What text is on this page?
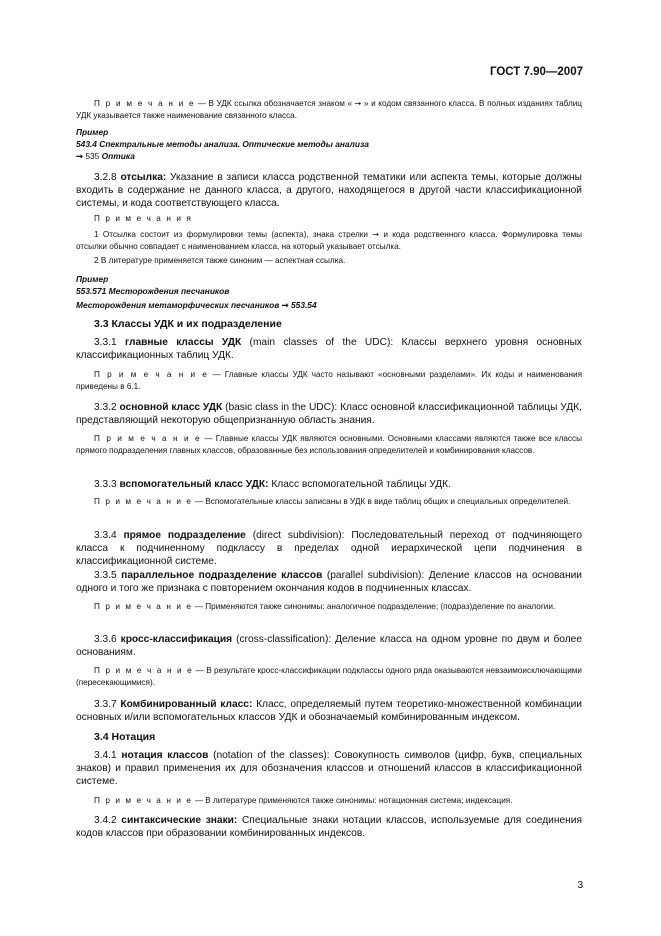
ГОСТ 7.90—2007

П р и м е ч а н и е — В УДК ссылка обозначается знаком « ➞ » и кодом связанного класса. В полных изданиях таблиц УДК указывается также наименование связанного класса.

Пример
543.4 Спектральные методы анализа. Оптические методы анализа
➞ 535 Оптика

3.2.8 отсылка: Указание в записи класса родственной тематики или аспекта темы, которые должны входить в содержание не данного класса, а другого, находящегося в другой части классификационной системы, и кода соответствующего класса.

П р и м е ч а н и я

1 Отсылка состоит из формулировки темы (аспекта), знака стрелки ➞ и кода родственного класса. Формулировка темы отсылки обычно совпадает с наименованием класса, на который указывает отсылка.

2 В литературе применяется также синоним — аспектная ссылка.

Пример
553.571 Месторождения песчаников
Месторождения метаморфических песчаников ➞ 553.54
3.3 Классы УДК и их подразделение

3.3.1 главные классы УДК (main classes of the UDC): Классы верхнего уровня основных классификационных таблиц УДК.

П р и м е ч а н и е — Главные классы УДК часто называют «основными разделами». Их коды и наименования приведены в 6.1.

3.3.2 основной класс УДК (basic class in the UDC): Класс основной классификационной таблицы УДК, представляющий некоторую общепризнанную область знания.

П р и м е ч а н и е — Главные классы УДК являются основными. Основными классами являются также все классы прямого подразделения главных классов, образованные без использования определителей и комбинирования классов.

3.3.3 вспомогательный класс УДК: Класс вспомогательной таблицы УДК.

П р и м е ч а н и е — Вспомогательные классы записаны в УДК в виде таблиц общих и специальных определителей.

3.3.4 прямое подразделение (direct subdivision): Последовательный переход от подчиняющего класса к подчиненному подклассу в пределах одной иерархической цепи подчинения в классификационной системе.

3.3.5 параллельное подразделение классов (parallel subdivision): Деление классов на основании одного и того же признака с повторением окончания кодов в подчиненных классах.

П р и м е ч а н и е — Применяются также синонимы: аналогичное подразделение; (подраз)деление по аналогии.

3.3.6 кросс-классификация (cross-classification): Деление класса на одном уровне по двум и более основаниям.

П р и м е ч а н и е — В результате кросс-классификации подклассы одного ряда оказываются невзаимоисключающими (пересекающимися).

3.3.7 Комбинированный класс: Класс, определяемый путем теоретико-множественной комбинации основных и/или вспомогательных классов УДК и обозначаемый комбинированным индексом.

3.4 Нотация

3.4.1 нотация классов (notation of the classes): Совокупность символов (цифр, букв, специальных знаков) и правил применения их для обозначения классов и отношений классов в классификационной системе.

П р и м е ч а н и е — В литературе применяются также синонимы: нотационная система; индексация.

3.4.2 синтаксические знаки: Специальные знаки нотации классов, используемые для соединения кодов классов при образовании комбинированных индексов.

3
